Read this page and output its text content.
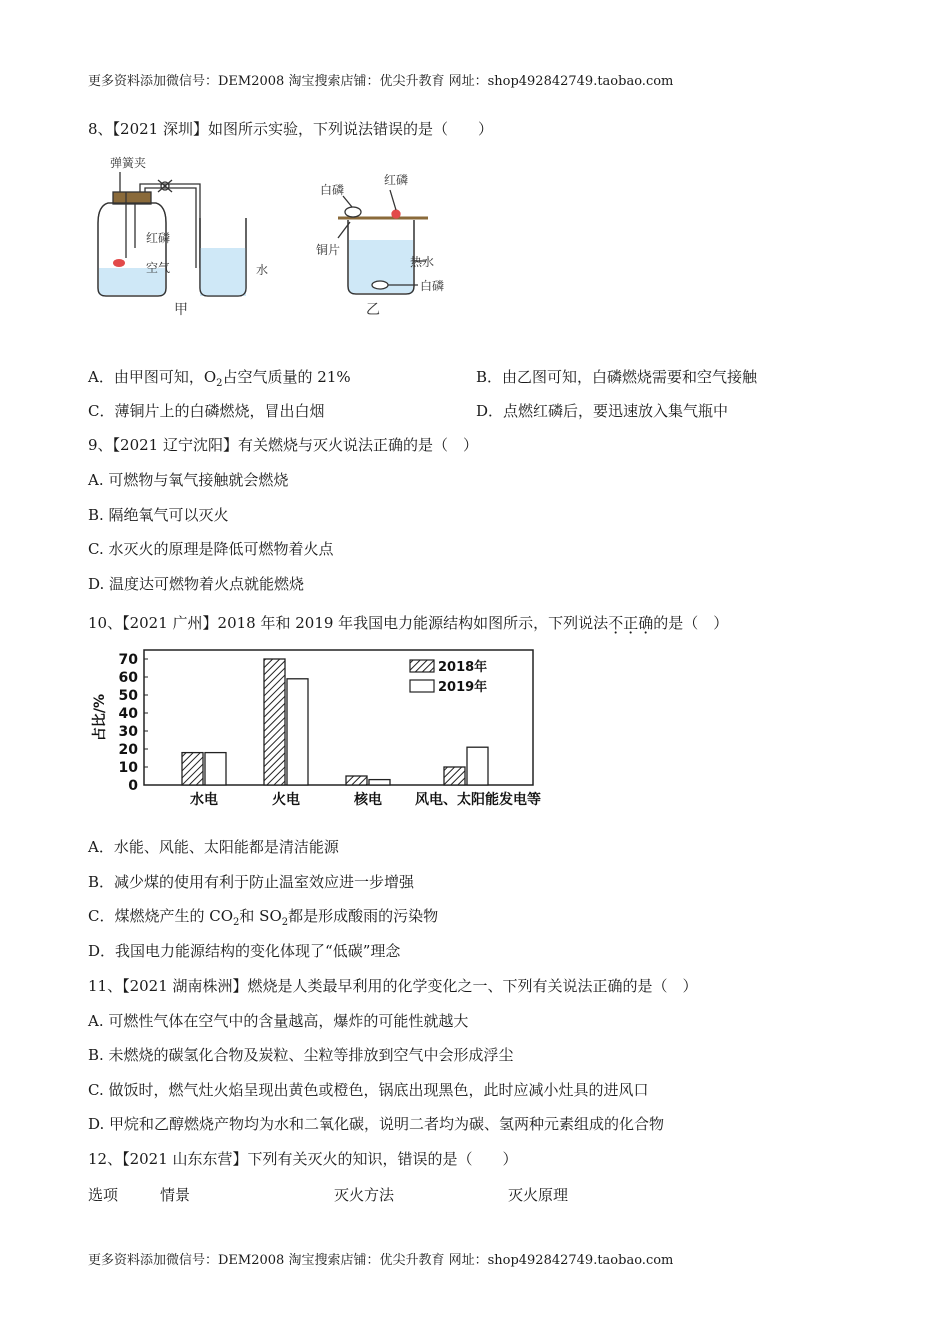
更多资料添加微信号：DEM2008 淘宝搜索店铺：优尖升教育 网址：shop492842749.taobao.com
8、【2021 深圳】如图所示实验，下列说法错误的是（　　）
弹簧夹
红磷
空气	水
甲
白磷
红磷
铜片
热水
白磷
乙
A．由甲图可知，$O_2$占空气质量的 21%	B．由乙图可知，白磷燃烧需要和空气接触
C．薄铜片上的白磷燃烧，冒出白烟	D．点燃红磷后，要迅速放入集气瓶中
9、【2021 辽宁沈阳】有关燃烧与灭火说法正确的是（　）
A. 可燃物与氧气接触就会燃烧
B. 隔绝氧气可以灭火
C. 水灭火的原理是降低可燃物着火点
D. 温度达可燃物着火点就能燃烧
10、【2021 广州】2018 年和 2019 年我国电力能源结构如图所示，下列说法不正确的是（　）
0
10
20
30
40
50
60
70
占比/%
2018年
2019年
水电	火电	核电 风电、太阳能发电等
A．水能、风能、太阳能都是清洁能源
B．减少煤的使用有利于防止温室效应进一步增强
C．煤燃烧产生的 $CO_2$和 $SO_2$都是形成酸雨的污染物
D．我国电力能源结构的变化体现了“低碳”理念
11、【2021 湖南株洲】燃烧是人类最早利用的化学变化之一、下列有关说法正确的是（　）
A. 可燃性气体在空气中的含量越高，爆炸的可能性就越大
B. 未燃烧的碳氢化合物及炭粒、尘粒等排放到空气中会形成浮尘
C. 做饭时，燃气灶火焰呈现出黄色或橙色，锅底出现黑色，此时应减小灶具的进风口
D. 甲烷和乙醇燃烧产物均为水和二氧化碳，说明二者均为碳、氢两种元素组成的化合物
12、【2021 山东东营】下列有关灭火的知识，错误的是（　　）
选项	情景	灭火方法	灭火原理
更多资料添加微信号：DEM2008 淘宝搜索店铺：优尖升教育 网址：shop492842749.taobao.com
